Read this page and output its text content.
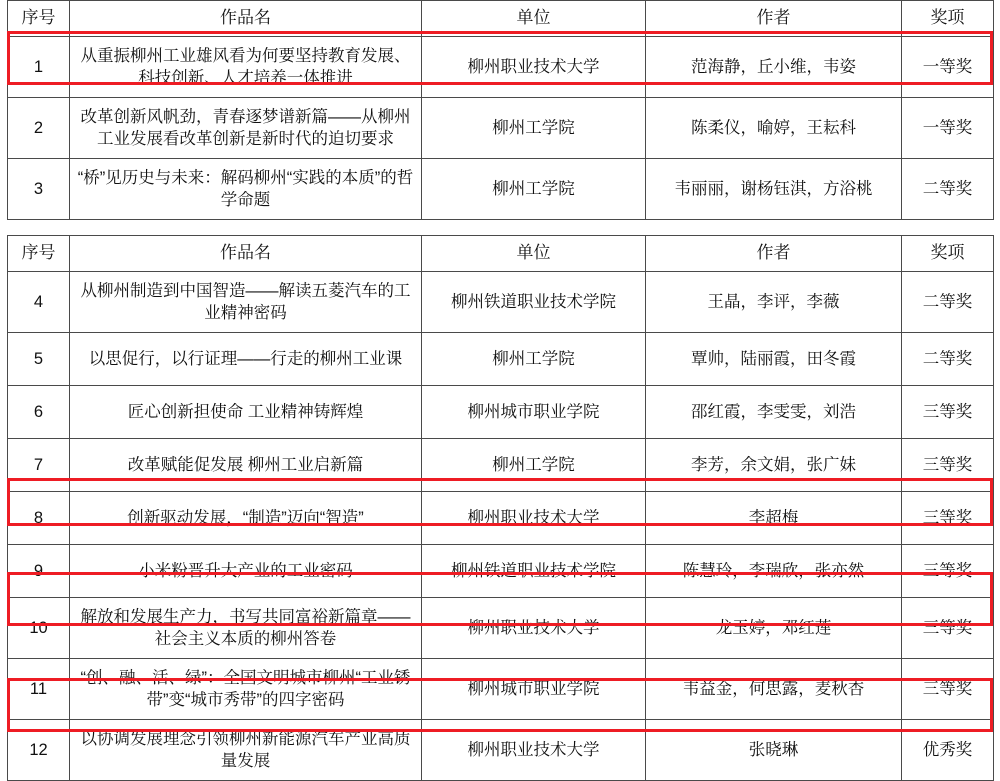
序号	作品名	单位	作者	奖项
1	从重振柳州工业雄风看为何要坚持教育发展、科技创新、人才培养一体推进	柳州职业技术大学	范海静，丘小维，韦姿	一等奖
2	改革创新风帆劲，青春逐梦谱新篇——从柳州工业发展看改革创新是新时代的迫切要求	柳州工学院	陈柔仪，喻婷，王耘科	一等奖
3	“桥”见历史与未来：解码柳州“实践的本质”的哲学命题	柳州工学院	韦丽丽，谢杨钰淇，方浴桃	二等奖
序号	作品名	单位	作者	奖项
4	从柳州制造到中国智造——解读五菱汽车的工业精神密码	柳州铁道职业技术学院	王晶，李评，李薇	二等奖
5	以思促行，以行证理——行走的柳州工业课	柳州工学院	覃帅，陆丽霞，田冬霞	二等奖
6	匠心创新担使命 工业精神铸辉煌	柳州城市职业学院	邵红霞，李雯雯，刘浩	三等奖
7	改革赋能促发展 柳州工业启新篇	柳州工学院	李芳，余文娟，张广妹	三等奖
8	创新驱动发展，“制造”迈向“智造”	柳州职业技术大学	李超梅	三等奖
9	小米粉晋升大产业的工业密码	柳州铁道职业技术学院	陈慧玲，李瑞欣，张亦然	三等奖
10	解放和发展生产力，书写共同富裕新篇章——社会主义本质的柳州答卷	柳州职业技术大学	龙玉婷，邓红莲	三等奖
11	“创、融、活、绿”：全国文明城市柳州“工业锈带”变“城市秀带”的四字密码	柳州城市职业学院	韦益金，何思露，麦秋杏	三等奖
12	以协调发展理念引领柳州新能源汽车产业高质量发展	柳州职业技术大学	张晓琳	优秀奖
